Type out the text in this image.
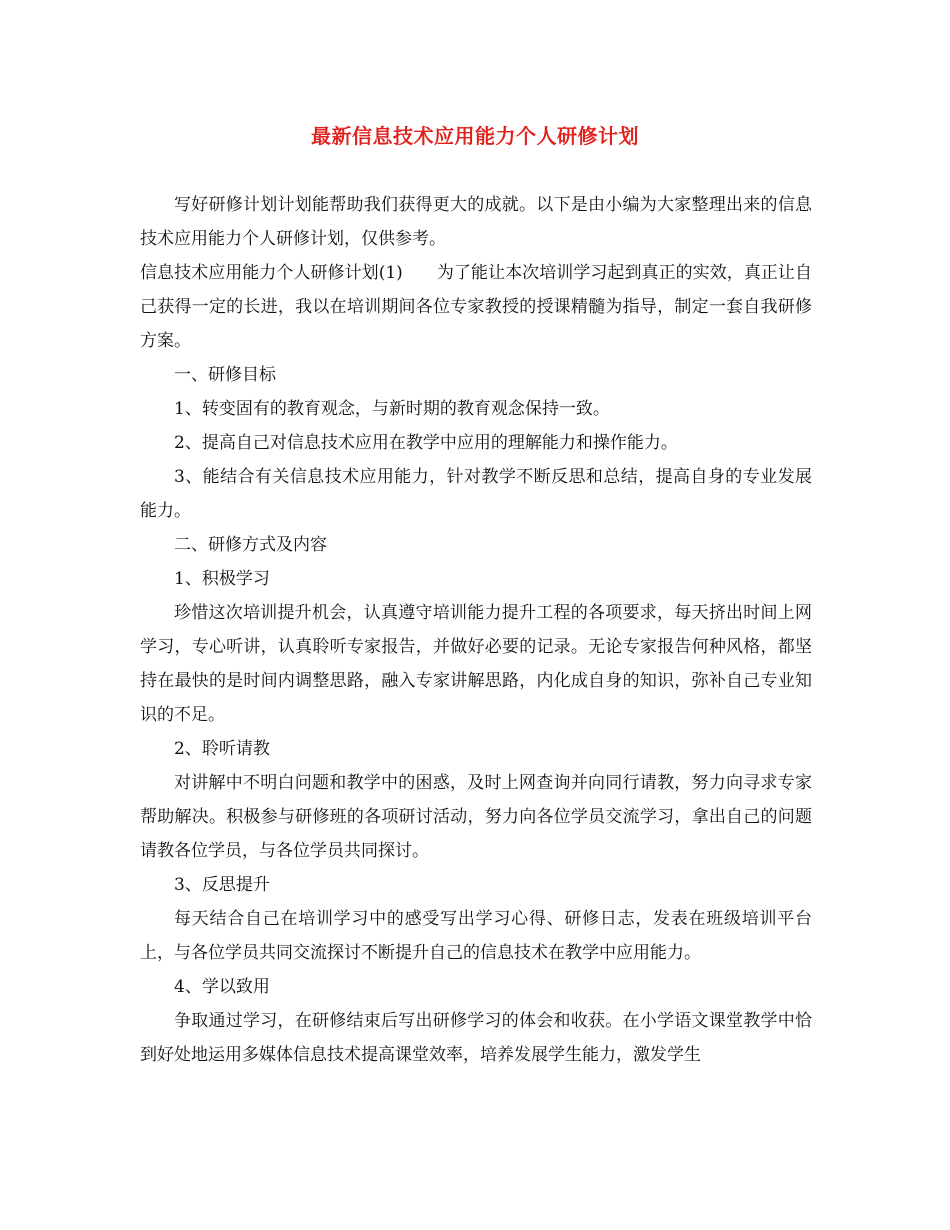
最新信息技术应用能力个人研修计划

写好研修计划计划能帮助我们获得更大的成就。以下是由小编为大家整理出来的信息技术应用能力个人研修计划，仅供参考。

信息技术应用能力个人研修计划(1)　　为了能让本次培训学习起到真正的实效，真正让自己获得一定的长进，我以在培训期间各位专家教授的授课精髓为指导，制定一套自我研修方案。

一、研修目标

1、转变固有的教育观念，与新时期的教育观念保持一致。

2、提高自己对信息技术应用在教学中应用的理解能力和操作能力。

3、能结合有关信息技术应用能力，针对教学不断反思和总结，提高自身的专业发展能力。

二、研修方式及内容

1、积极学习

珍惜这次培训提升机会，认真遵守培训能力提升工程的各项要求，每天挤出时间上网学习，专心听讲，认真聆听专家报告，并做好必要的记录。无论专家报告何种风格，都坚持在最快的是时间内调整思路，融入专家讲解思路，内化成自身的知识，弥补自己专业知识的不足。

2、聆听请教

对讲解中不明白问题和教学中的困惑，及时上网查询并向同行请教，努力向寻求专家帮助解决。积极参与研修班的各项研讨活动，努力向各位学员交流学习，拿出自己的问题请教各位学员，与各位学员共同探讨。

3、反思提升

每天结合自己在培训学习中的感受写出学习心得、研修日志，发表在班级培训平台上，与各位学员共同交流探讨不断提升自己的信息技术在教学中应用能力。

4、学以致用

争取通过学习，在研修结束后写出研修学习的体会和收获。在小学语文课堂教学中恰到好处地运用多媒体信息技术提高课堂效率，培养发展学生能力，激发学生
